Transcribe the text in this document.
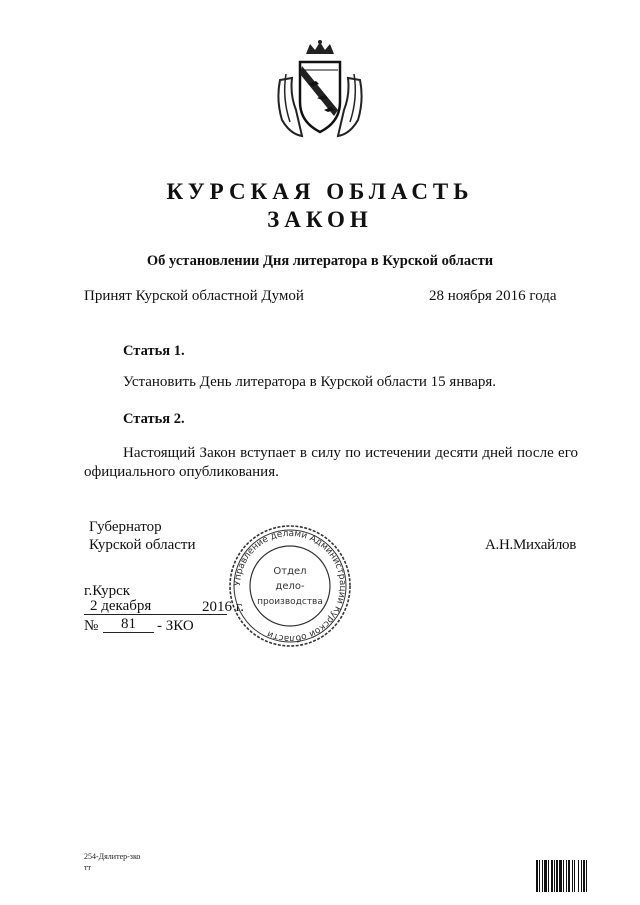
КУРСКАЯ ОБЛАСТЬ
ЗАКОН
Об установлении Дня литератора в Курской области
Принят Курской областной Думой	28 ноября 2016 года
Статья 1.
Установить День литератора в Курской области 15 января.
Статья 2.
Настоящий Закон вступает в силу по истечении десяти дней после его официального опубликования.
Губернатор
Курской области	А.Н.Михайлов
г.Курск
2 декабря	2016 г.
№	81	- ЗКО
Управление делами Администрации Курской области
Отдел
дело-
производства
254-Дялитер-зко
тт
